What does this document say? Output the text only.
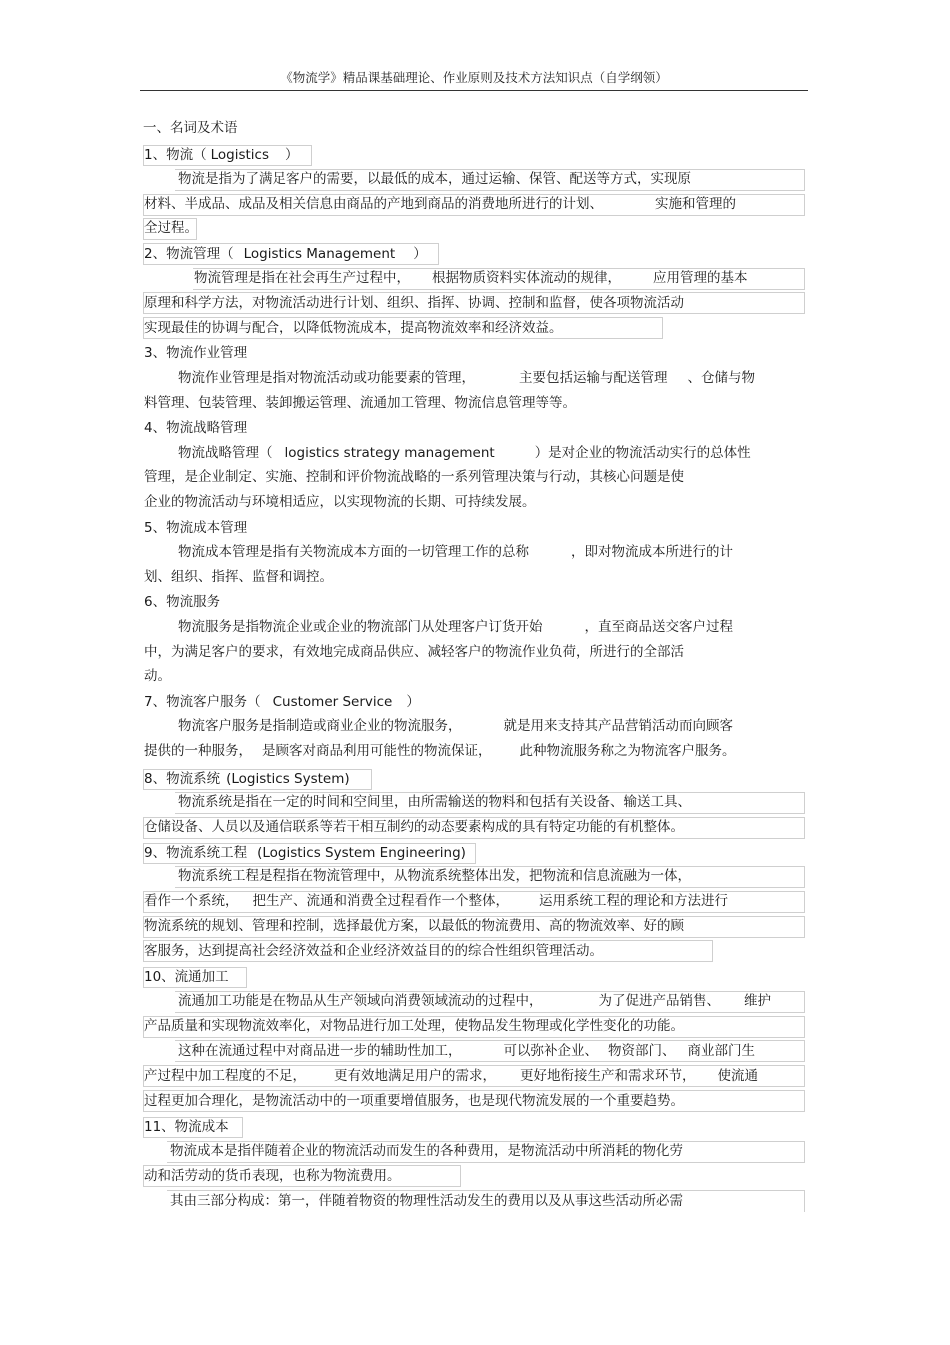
《物流学》精品课基础理论、作业原则及技术方法知识点（自学纲领）
一、名词及术语
1、物流（ Logistics ）
物流是指为了满足客户的需要，以最低的成本，通过运输、保管、配送等方式，实现原
材料、半成品、成品及相关信息由商品的产地到商品的消费地所进行的计划、	实施和管理的
全过程。
2、物流管理（ Logistics Management ）
物流管理是指在社会再生产过程中， 根据物质资料实体流动的规律， 应用管理的基本
原理和科学方法，对物流活动进行计划、组织、指挥、协调、控制和监督，使各项物流活动
实现最佳的协调与配合，以降低物流成本，提高物流效率和经济效益。
3、物流作业管理
物流作业管理是指对物流活动或功能要素的管理，	主要包括运输与配送管理 、仓储与物
料管理、包装管理、装卸搬运管理、流通加工管理、物流信息管理等等。
4、物流战略管理
物流战略管理（ logistics strategy management	）是对企业的物流活动实行的总体性
管理，是企业制定、实施、控制和评价物流战略的一系列管理决策与行动，其核心问题是使
企业的物流活动与环境相适应，以实现物流的长期、可持续发展。
5、物流成本管理
物流成本管理是指有关物流成本方面的一切管理工作的总称	，即对物流成本所进行的计
划、组织、指挥、监督和调控。
6、物流服务
物流服务是指物流企业或企业的物流部门从处理客户订货开始	，直至商品送交客户过程
中，为满足客户的要求，有效地完成商品供应、减轻客户的物流作业负荷，所进行的全部活
动。
7、物流客户服务（ Customer Service ）
物流客户服务是指制造或商业企业的物流服务，	就是用来支持其产品营销活动而向顾客
提供的一种服务， 是顾客对商品利用可能性的物流保证， 此种物流服务称之为物流客户服务。
8、物流系统 (Logistics System)
物流系统是指在一定的时间和空间里，由所需输送的物料和包括有关设备、输送工具、
仓储设备、人员以及通信联系等若干相互制约的动态要素构成的具有特定功能的有机整体。
9、物流系统工程 (Logistics System Engineering)
物流系统工程是程指在物流管理中，从物流系统整体出发，把物流和信息流融为一体，
看作一个系统， 把生产、流通和消费全过程看作一个整体， 运用系统工程的理论和方法进行
物流系统的规划、管理和控制，选择最优方案，以最低的物流费用、高的物流效率、好的顾
客服务，达到提高社会经济效益和企业经济效益目的的综合性组织管理活动。
10、流通加工
流通加工功能是在物品从生产领域向消费领域流动的过程中，	为了促进产品销售、 维护
产品质量和实现物流效率化，对物品进行加工处理，使物品发生物理或化学性变化的功能。
这种在流通过程中对商品进一步的辅助性加工，	可以弥补企业、 物资部门、 商业部门生
产过程中加工程度的不足， 更有效地满足用户的需求， 更好地衔接生产和需求环节， 使流通
过程更加合理化，是物流活动中的一项重要增值服务，也是现代物流发展的一个重要趋势。
11、物流成本
物流成本是指伴随着企业的物流活动而发生的各种费用，是物流活动中所消耗的物化劳
动和活劳动的货币表现，也称为物流费用。
其由三部分构成：第一，伴随着物资的物理性活动发生的费用以及从事这些活动所必需
